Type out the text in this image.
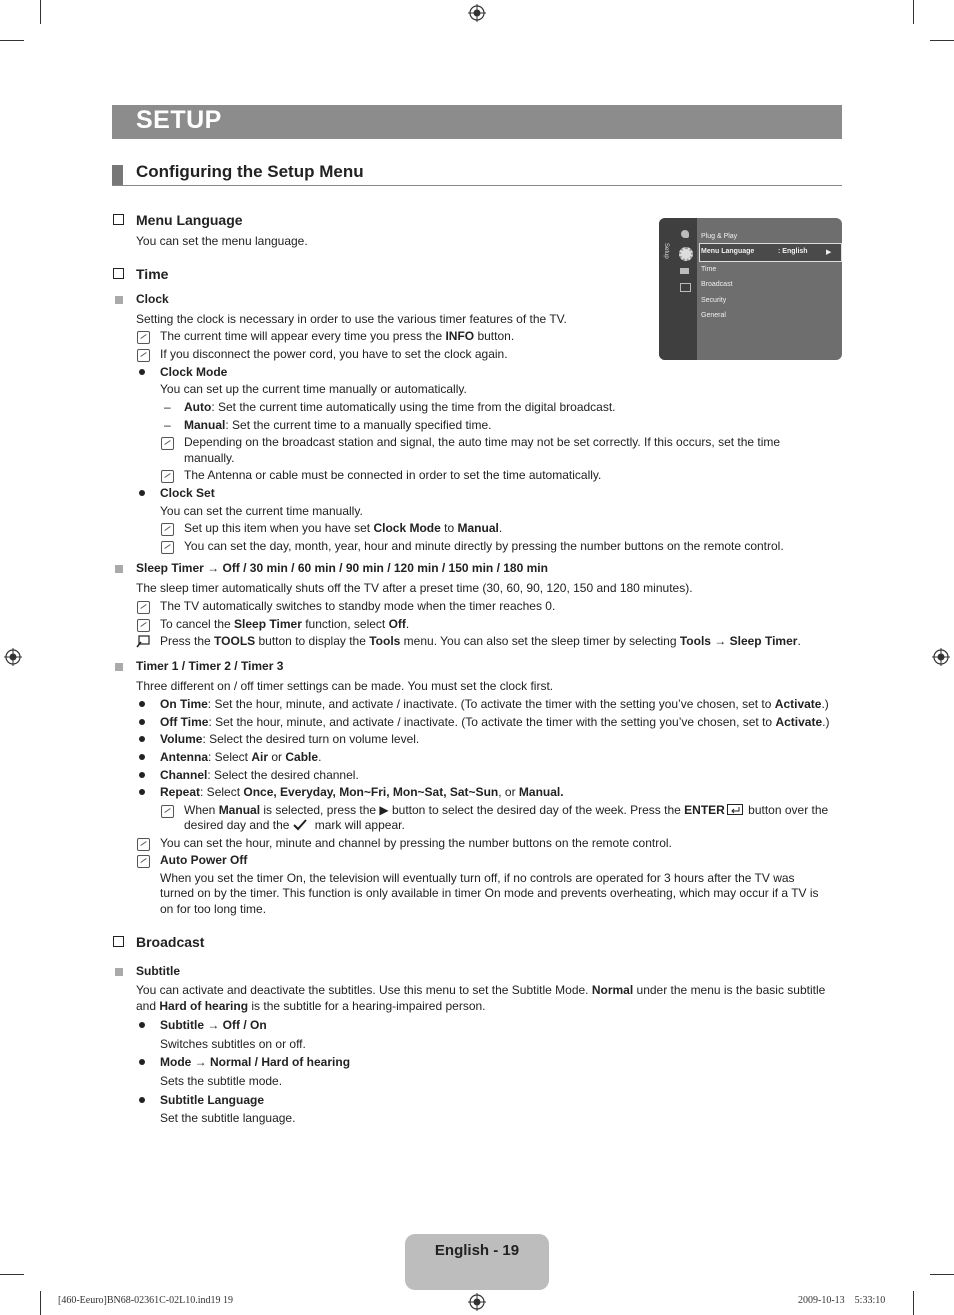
SETUP
Configuring the Setup Menu
Setup
Plug & Play
Menu Language	: English	▶
Time
Broadcast
Security
General
Menu Language
You can set the menu language.
Time
Clock
Setting the clock is necessary in order to use the various timer features of the TV.
The current time will appear every time you press the INFO button.
If you disconnect the power cord, you have to set the clock again.
Clock Mode
You can set up the current time manually or automatically.
– Auto: Set the current time automatically using the time from the digital broadcast.
– Manual: Set the current time to a manually specified time.
Depending on the broadcast station and signal, the auto time may not be set correctly. If this occurs, set the time
manually.
The Antenna or cable must be connected in order to set the time automatically.
Clock Set
You can set the current time manually.
Set up this item when you have set Clock Mode to Manual.
You can set the day, month, year, hour and minute directly by pressing the number buttons on the remote control.
Sleep Timer → Off / 30 min / 60 min / 90 min / 120 min / 150 min / 180 min
The sleep timer automatically shuts off the TV after a preset time (30, 60, 90, 120, 150 and 180 minutes).
The TV automatically switches to standby mode when the timer reaches 0.
To cancel the Sleep Timer function, select Off.
Press the TOOLS button to display the Tools menu. You can also set the sleep timer by selecting Tools → Sleep Timer.
Timer 1 / Timer 2 / Timer 3
Three different on / off timer settings can be made. You must set the clock first.
On Time: Set the hour, minute, and activate / inactivate. (To activate the timer with the setting you’ve chosen, set to Activate.)
Off Time: Set the hour, minute, and activate / inactivate. (To activate the timer with the setting you’ve chosen, set to Activate.)
Volume: Select the desired turn on volume level.
Antenna: Select Air or Cable.
Channel: Select the desired channel.
Repeat: Select Once, Everyday, Mon~Fri, Mon~Sat, Sat~Sun, or Manual.
When Manual is selected, press the ▶ button to select the desired day of the week. Press the ENTER button over the
desired day and the mark will appear.
You can set the hour, minute and channel by pressing the number buttons on the remote control.
Auto Power Off
When you set the timer On, the television will eventually turn off, if no controls are operated for 3 hours after the TV was
turned on by the timer. This function is only available in timer On mode and prevents overheating, which may occur if a TV is
on for too long time.
Broadcast
Subtitle
You can activate and deactivate the subtitles. Use this menu to set the Subtitle Mode. Normal under the menu is the basic subtitle
and Hard of hearing is the subtitle for a hearing-impaired person.
Subtitle → Off / On
Switches subtitles on or off.
Mode → Normal / Hard of hearing
Sets the subtitle mode.
Subtitle Language
Set the subtitle language.
English - 19
[460-Eeuro]BN68-02361C-02L10.ind19 19	2009-10-13    5:33:10
